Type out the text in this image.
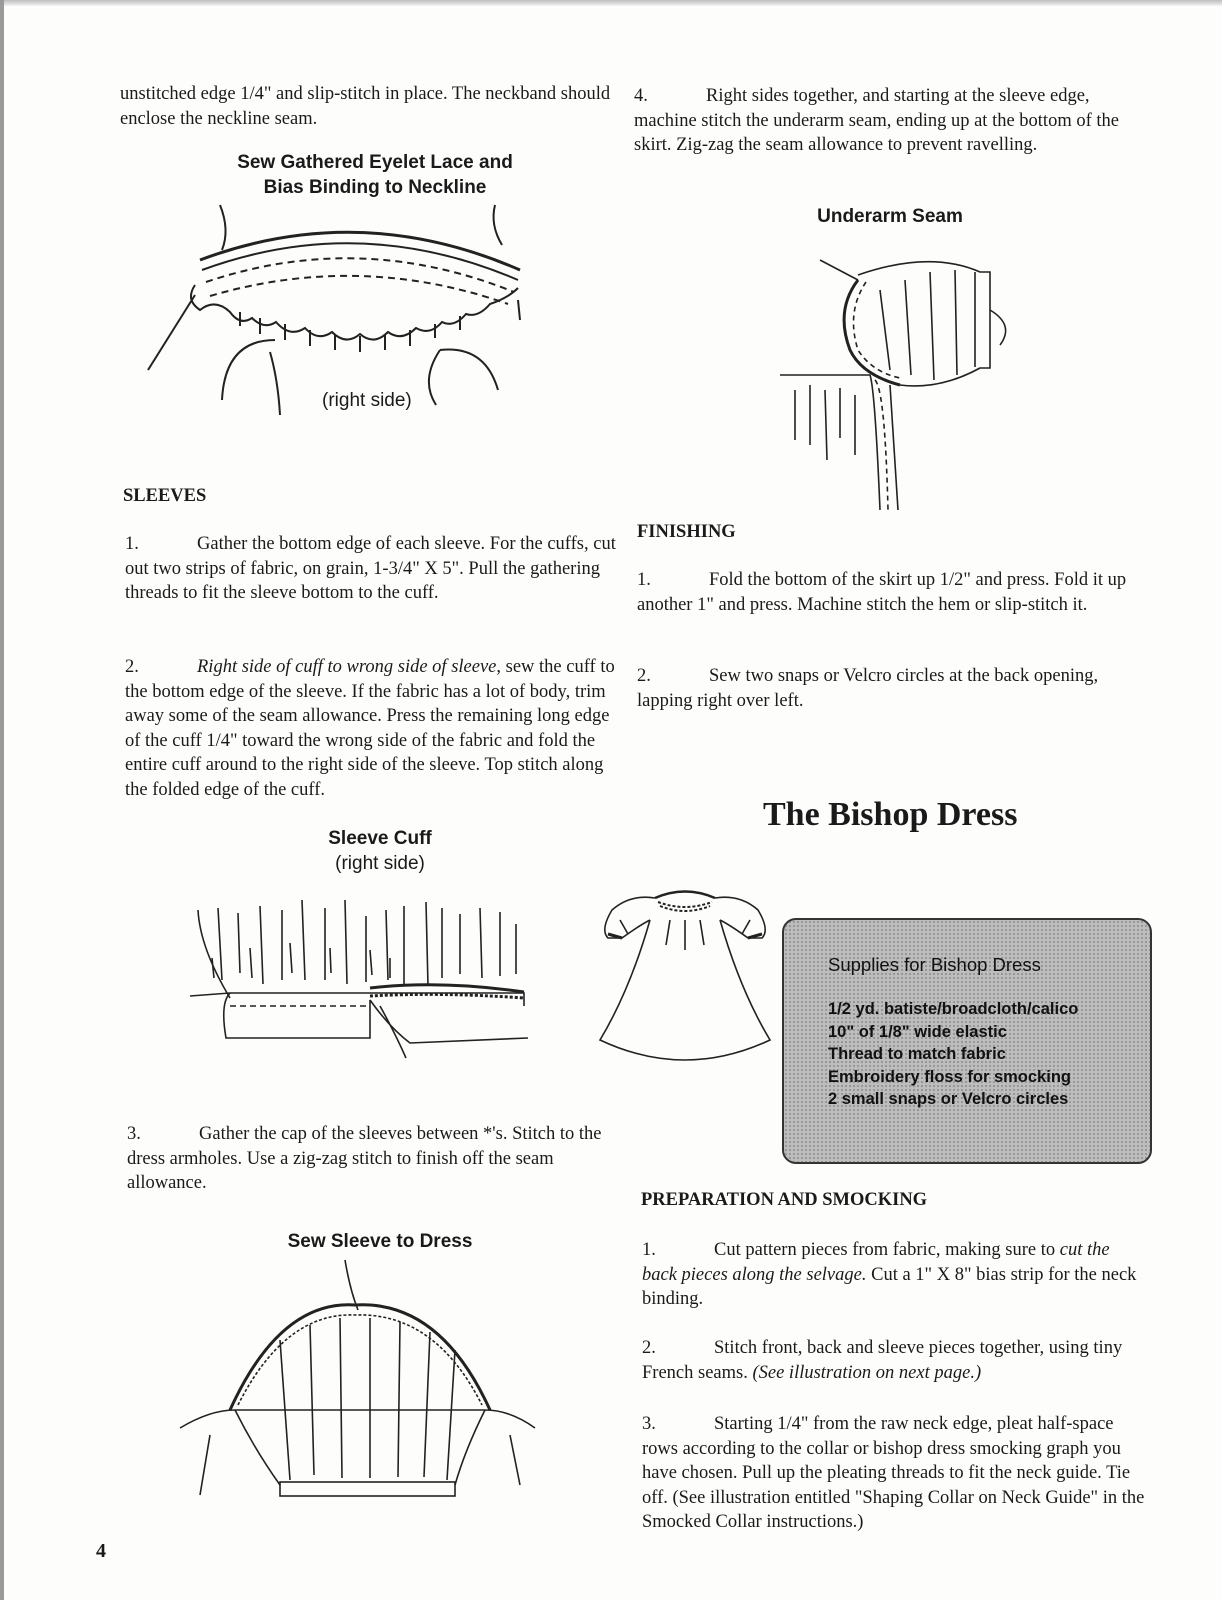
unstitched edge 1/4" and slip-stitch in place. The neckband should enclose the neckline seam.

Sew Gathered Eyelet Lace and
Bias Binding to Neckline
(right side)
SLEEVES

1.	Gather the bottom edge of each sleeve. For the cuffs, cut out two strips of fabric, on grain, 1-3/4" X 5". Pull the gathering threads to fit the sleeve bottom to the cuff.

2.	Right side of cuff to wrong side of sleeve, sew the cuff to the bottom edge of the sleeve. If the fabric has a lot of body, trim away some of the seam allowance. Press the remaining long edge of the cuff 1/4" toward the wrong side of the fabric and fold the entire cuff around to the right side of the sleeve. Top stitch along the folded edge of the cuff.

Sleeve Cuff
(right side)

3.	Gather the cap of the sleeves between *'s. Stitch to the dress armholes. Use a zig-zag stitch to finish off the seam allowance.

Sew Sleeve to Dress
4

4.	Right sides together, and starting at the sleeve edge, machine stitch the underarm seam, ending up at the bottom of the skirt. Zig-zag the seam allowance to prevent ravelling.

Underarm Seam
FINISHING

1.	Fold the bottom of the skirt up 1/2" and press. Fold it up another 1" and press. Machine stitch the hem or slip-stitch it.

2.	Sew two snaps or Velcro circles at the back opening, lapping right over left.

The Bishop Dress
Supplies for Bishop Dress
1/2 yd. batiste/broadcloth/calico
10" of 1/8" wide elastic
Thread to match fabric
Embroidery floss for smocking
2 small snaps or Velcro circles
PREPARATION AND SMOCKING

1.	Cut pattern pieces from fabric, making sure to cut the back pieces along the selvage. Cut a 1" X 8" bias strip for the neck binding.

2.	Stitch front, back and sleeve pieces together, using tiny French seams. (See illustration on next page.)

3.	Starting 1/4" from the raw neck edge, pleat half-space rows according to the collar or bishop dress smocking graph you have chosen. Pull up the pleating threads to fit the neck guide. Tie off. (See illustration entitled "Shaping Collar on Neck Guide" in the Smocked Collar instructions.)
